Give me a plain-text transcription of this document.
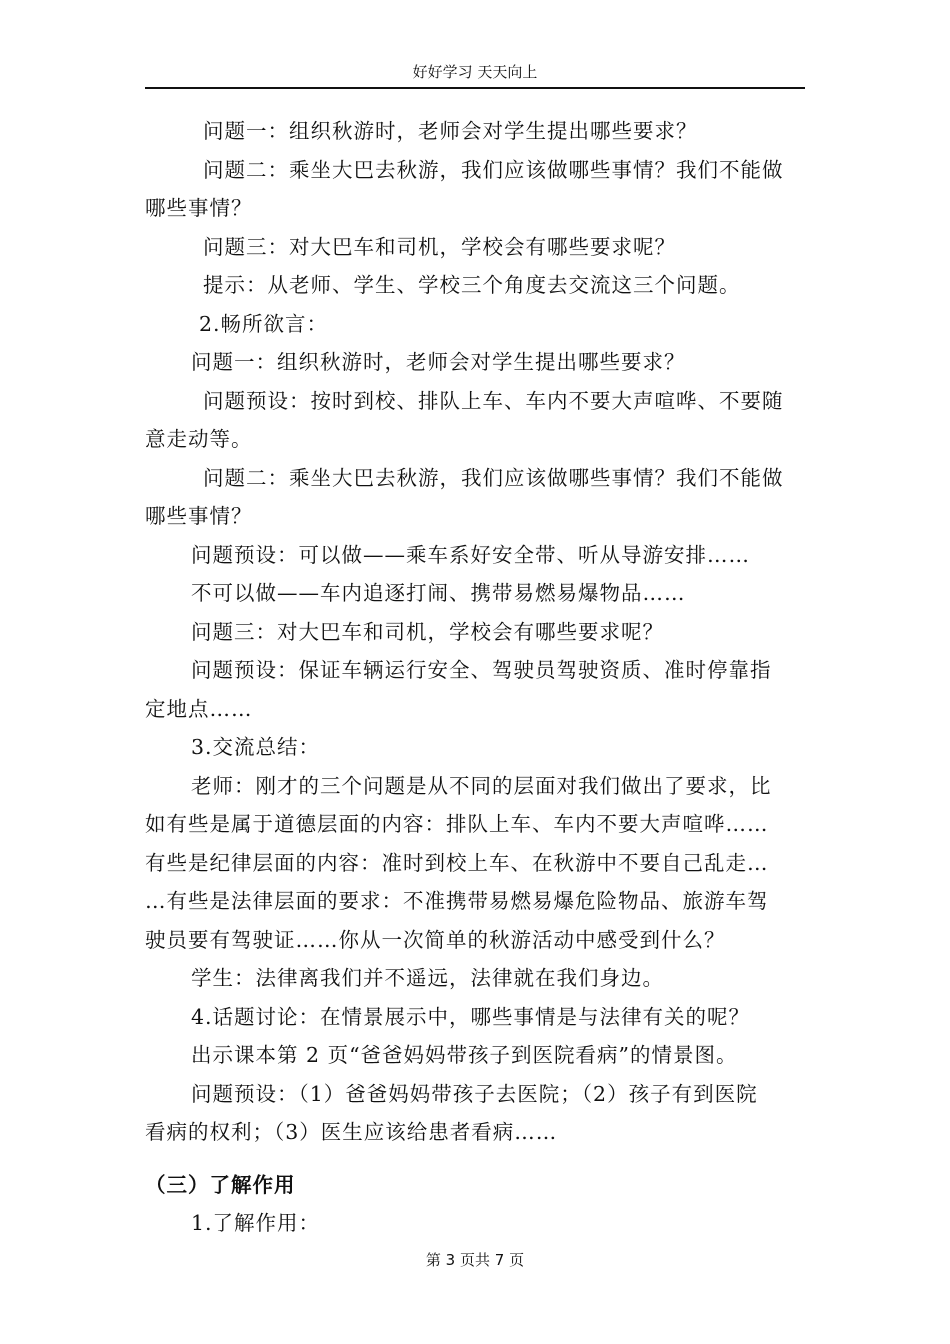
好好学习 天天向上
问题一：组织秋游时，老师会对学生提出哪些要求？
问题二：乘坐大巴去秋游，我们应该做哪些事情？我们不能做
哪些事情？
问题三：对大巴车和司机，学校会有哪些要求呢？
提示：从老师、学生、学校三个角度去交流这三个问题。
2.畅所欲言：
问题一：组织秋游时，老师会对学生提出哪些要求？
问题预设：按时到校、排队上车、车内不要大声喧哗、不要随
意走动等。
问题二：乘坐大巴去秋游，我们应该做哪些事情？我们不能做
哪些事情？
问题预设：可以做——乘车系好安全带、听从导游安排……
不可以做——车内追逐打闹、携带易燃易爆物品……
问题三：对大巴车和司机，学校会有哪些要求呢？
问题预设：保证车辆运行安全、驾驶员驾驶资质、准时停靠指
定地点……
3.交流总结：
老师：刚才的三个问题是从不同的层面对我们做出了要求，比
如有些是属于道德层面的内容：排队上车、车内不要大声喧哗……
有些是纪律层面的内容：准时到校上车、在秋游中不要自己乱走…
…有些是法律层面的要求：不准携带易燃易爆危险物品、旅游车驾
驶员要有驾驶证……你从一次简单的秋游活动中感受到什么？
学生：法律离我们并不遥远，法律就在我们身边。
4.话题讨论：在情景展示中，哪些事情是与法律有关的呢？
出示课本第 2 页“爸爸妈妈带孩子到医院看病”的情景图。
问题预设：（1）爸爸妈妈带孩子去医院；（2）孩子有到医院
看病的权利；（3）医生应该给患者看病……
（三）了解作用
1.了解作用：
第 3 页共 7 页
